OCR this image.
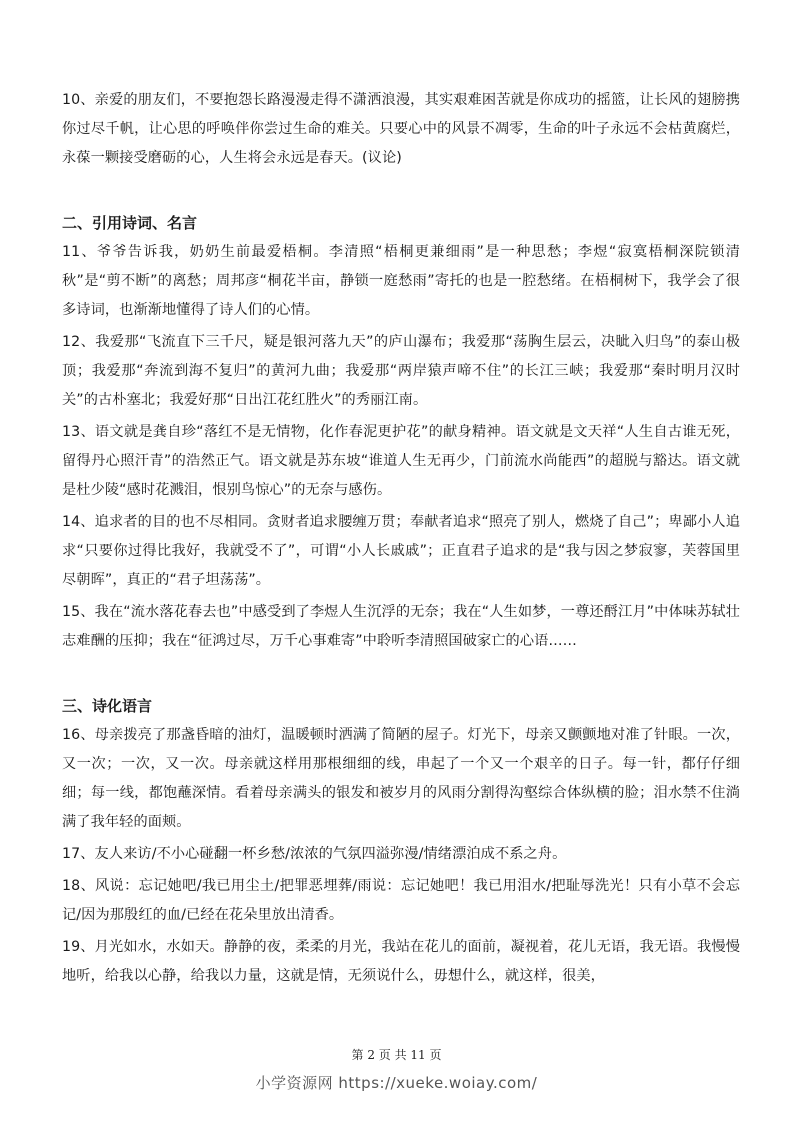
10、亲爱的朋友们，不要抱怨长路漫漫走得不潇洒浪漫，其实艰难困苦就是你成功的摇篮，让长风的翅膀携你过尽千帆，让心思的呼唤伴你尝过生命的难关。只要心中的风景不凋零，生命的叶子永远不会枯黄腐烂，永葆一颗接受磨砺的心，人生将会永远是春天。(议论)

二、引用诗词、名言

11、爷爷告诉我，奶奶生前最爱梧桐。李清照“梧桐更兼细雨”是一种思愁；李煜“寂寞梧桐深院锁清秋”是“剪不断”的离愁；周邦彦“桐花半亩，静锁一庭愁雨”寄托的也是一腔愁绪。在梧桐树下，我学会了很多诗词，也渐渐地懂得了诗人们的心情。

12、我爱那“飞流直下三千尺，疑是银河落九天”的庐山瀑布；我爱那“荡胸生层云，决眦入归鸟”的泰山极顶；我爱那“奔流到海不复归”的黄河九曲；我爱那“两岸猿声啼不住”的长江三峡；我爱那“秦时明月汉时关”的古朴塞北；我爱好那“日出江花红胜火”的秀丽江南。

13、语文就是龚自珍“落红不是无情物，化作春泥更护花”的献身精神。语文就是文天祥“人生自古谁无死，留得丹心照汗青”的浩然正气。语文就是苏东坡“谁道人生无再少，门前流水尚能西”的超脱与豁达。语文就是杜少陵“感时花溅泪，恨别鸟惊心”的无奈与感伤。

14、追求者的目的也不尽相同。贪财者追求腰缠万贯；奉献者追求“照亮了别人，燃烧了自己”；卑鄙小人追求“只要你过得比我好，我就受不了”，可谓“小人长戚戚”；正直君子追求的是“我与因之梦寂寥，芙蓉国里尽朝晖”，真正的“君子坦荡荡”。

15、我在“流水落花春去也”中感受到了李煜人生沉浮的无奈；我在“人生如梦，一尊还酹江月”中体味苏轼壮志难酬的压抑；我在“征鸿过尽，万千心事难寄”中聆听李清照国破家亡的心语……

三、诗化语言

16、母亲拨亮了那盏昏暗的油灯，温暖顿时洒满了简陋的屋子。灯光下，母亲又颤颤地对准了针眼。一次，又一次；一次，又一次。母亲就这样用那根细细的线，串起了一个又一个艰辛的日子。每一针，都仔仔细细；每一线，都饱蘸深情。看着母亲满头的银发和被岁月的风雨分割得沟壑综合体纵横的脸；泪水禁不住淌满了我年轻的面颊。

17、友人来访/不小心碰翻一杯乡愁/浓浓的气氛四溢弥漫/情绪漂泊成不系之舟。

18、风说：忘记她吧/我已用尘土/把罪恶埋葬/雨说：忘记她吧！我已用泪水/把耻辱洗光！只有小草不会忘记/因为那殷红的血/已经在花朵里放出清香。

19、月光如水，水如天。静静的夜，柔柔的月光，我站在花儿的面前，凝视着，花儿无语，我无语。我慢慢地听，给我以心静，给我以力量，这就是情，无须说什么，毋想什么，就这样，很美，

第 2 页 共 11 页
小学资源网 https://xueke.woiay.com/
